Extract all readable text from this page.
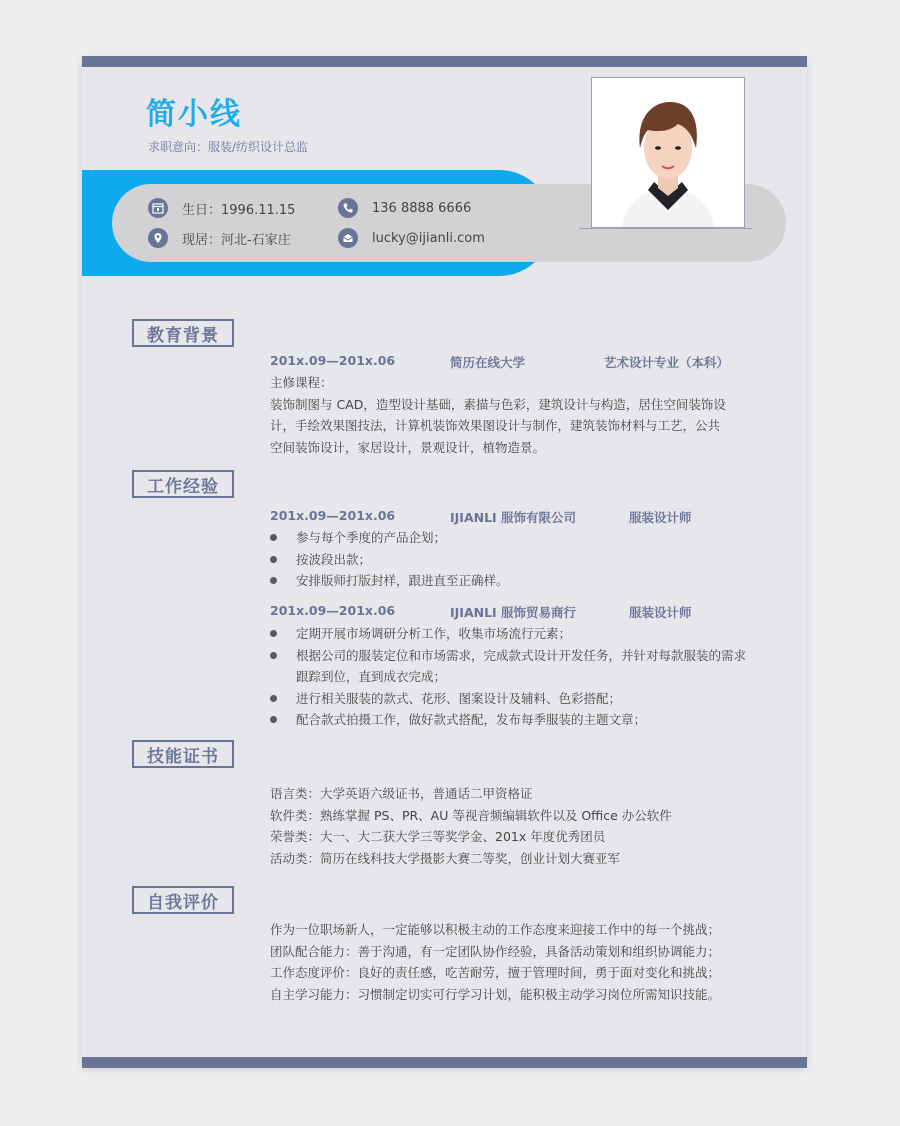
简小线
求职意向：服装/纺织设计总监
生日：1996.11.15
现居：河北-石家庄
136 8888 6666
lucky@ijianli.com
教育背景
201x.09—201x.06	简历在线大学	艺术设计专业（本科）
主修课程：
装饰制图与 CAD，造型设计基础，素描与色彩，建筑设计与构造，居住空间装饰设
计，手绘效果图技法，计算机装饰效果图设计与制作，建筑装饰材料与工艺，公共
空间装饰设计，家居设计，景观设计，植物造景。
工作经验
201x.09—201x.06	IJIANLI 服饰有限公司	服装设计师
参与每个季度的产品企划；
按波段出款；
安排版师打版封样，跟进直至正确样。
201x.09—201x.06	IJIANLI 服饰贸易商行	服装设计师
定期开展市场调研分析工作，收集市场流行元素；
根据公司的服装定位和市场需求，完成款式设计开发任务，并针对每款服装的需求
跟踪到位，直到成衣完成；
进行相关服装的款式、花形、图案设计及辅料、色彩搭配；
配合款式拍摄工作，做好款式搭配，发布每季服装的主题文章；
技能证书
语言类：大学英语六级证书，普通话二甲资格证
软件类：熟练掌握 PS、PR、AU 等视音频编辑软件以及 Office 办公软件
荣誉类：大一、大二获大学三等奖学金、201x 年度优秀团员
活动类：简历在线科技大学摄影大赛二等奖，创业计划大赛亚军
自我评价
作为一位职场新人，一定能够以积极主动的工作态度来迎接工作中的每一个挑战；
团队配合能力：善于沟通，有一定团队协作经验，具备活动策划和组织协调能力；
工作态度评价：良好的责任感，吃苦耐劳，擅于管理时间，勇于面对变化和挑战；
自主学习能力：习惯制定切实可行学习计划，能积极主动学习岗位所需知识技能。
